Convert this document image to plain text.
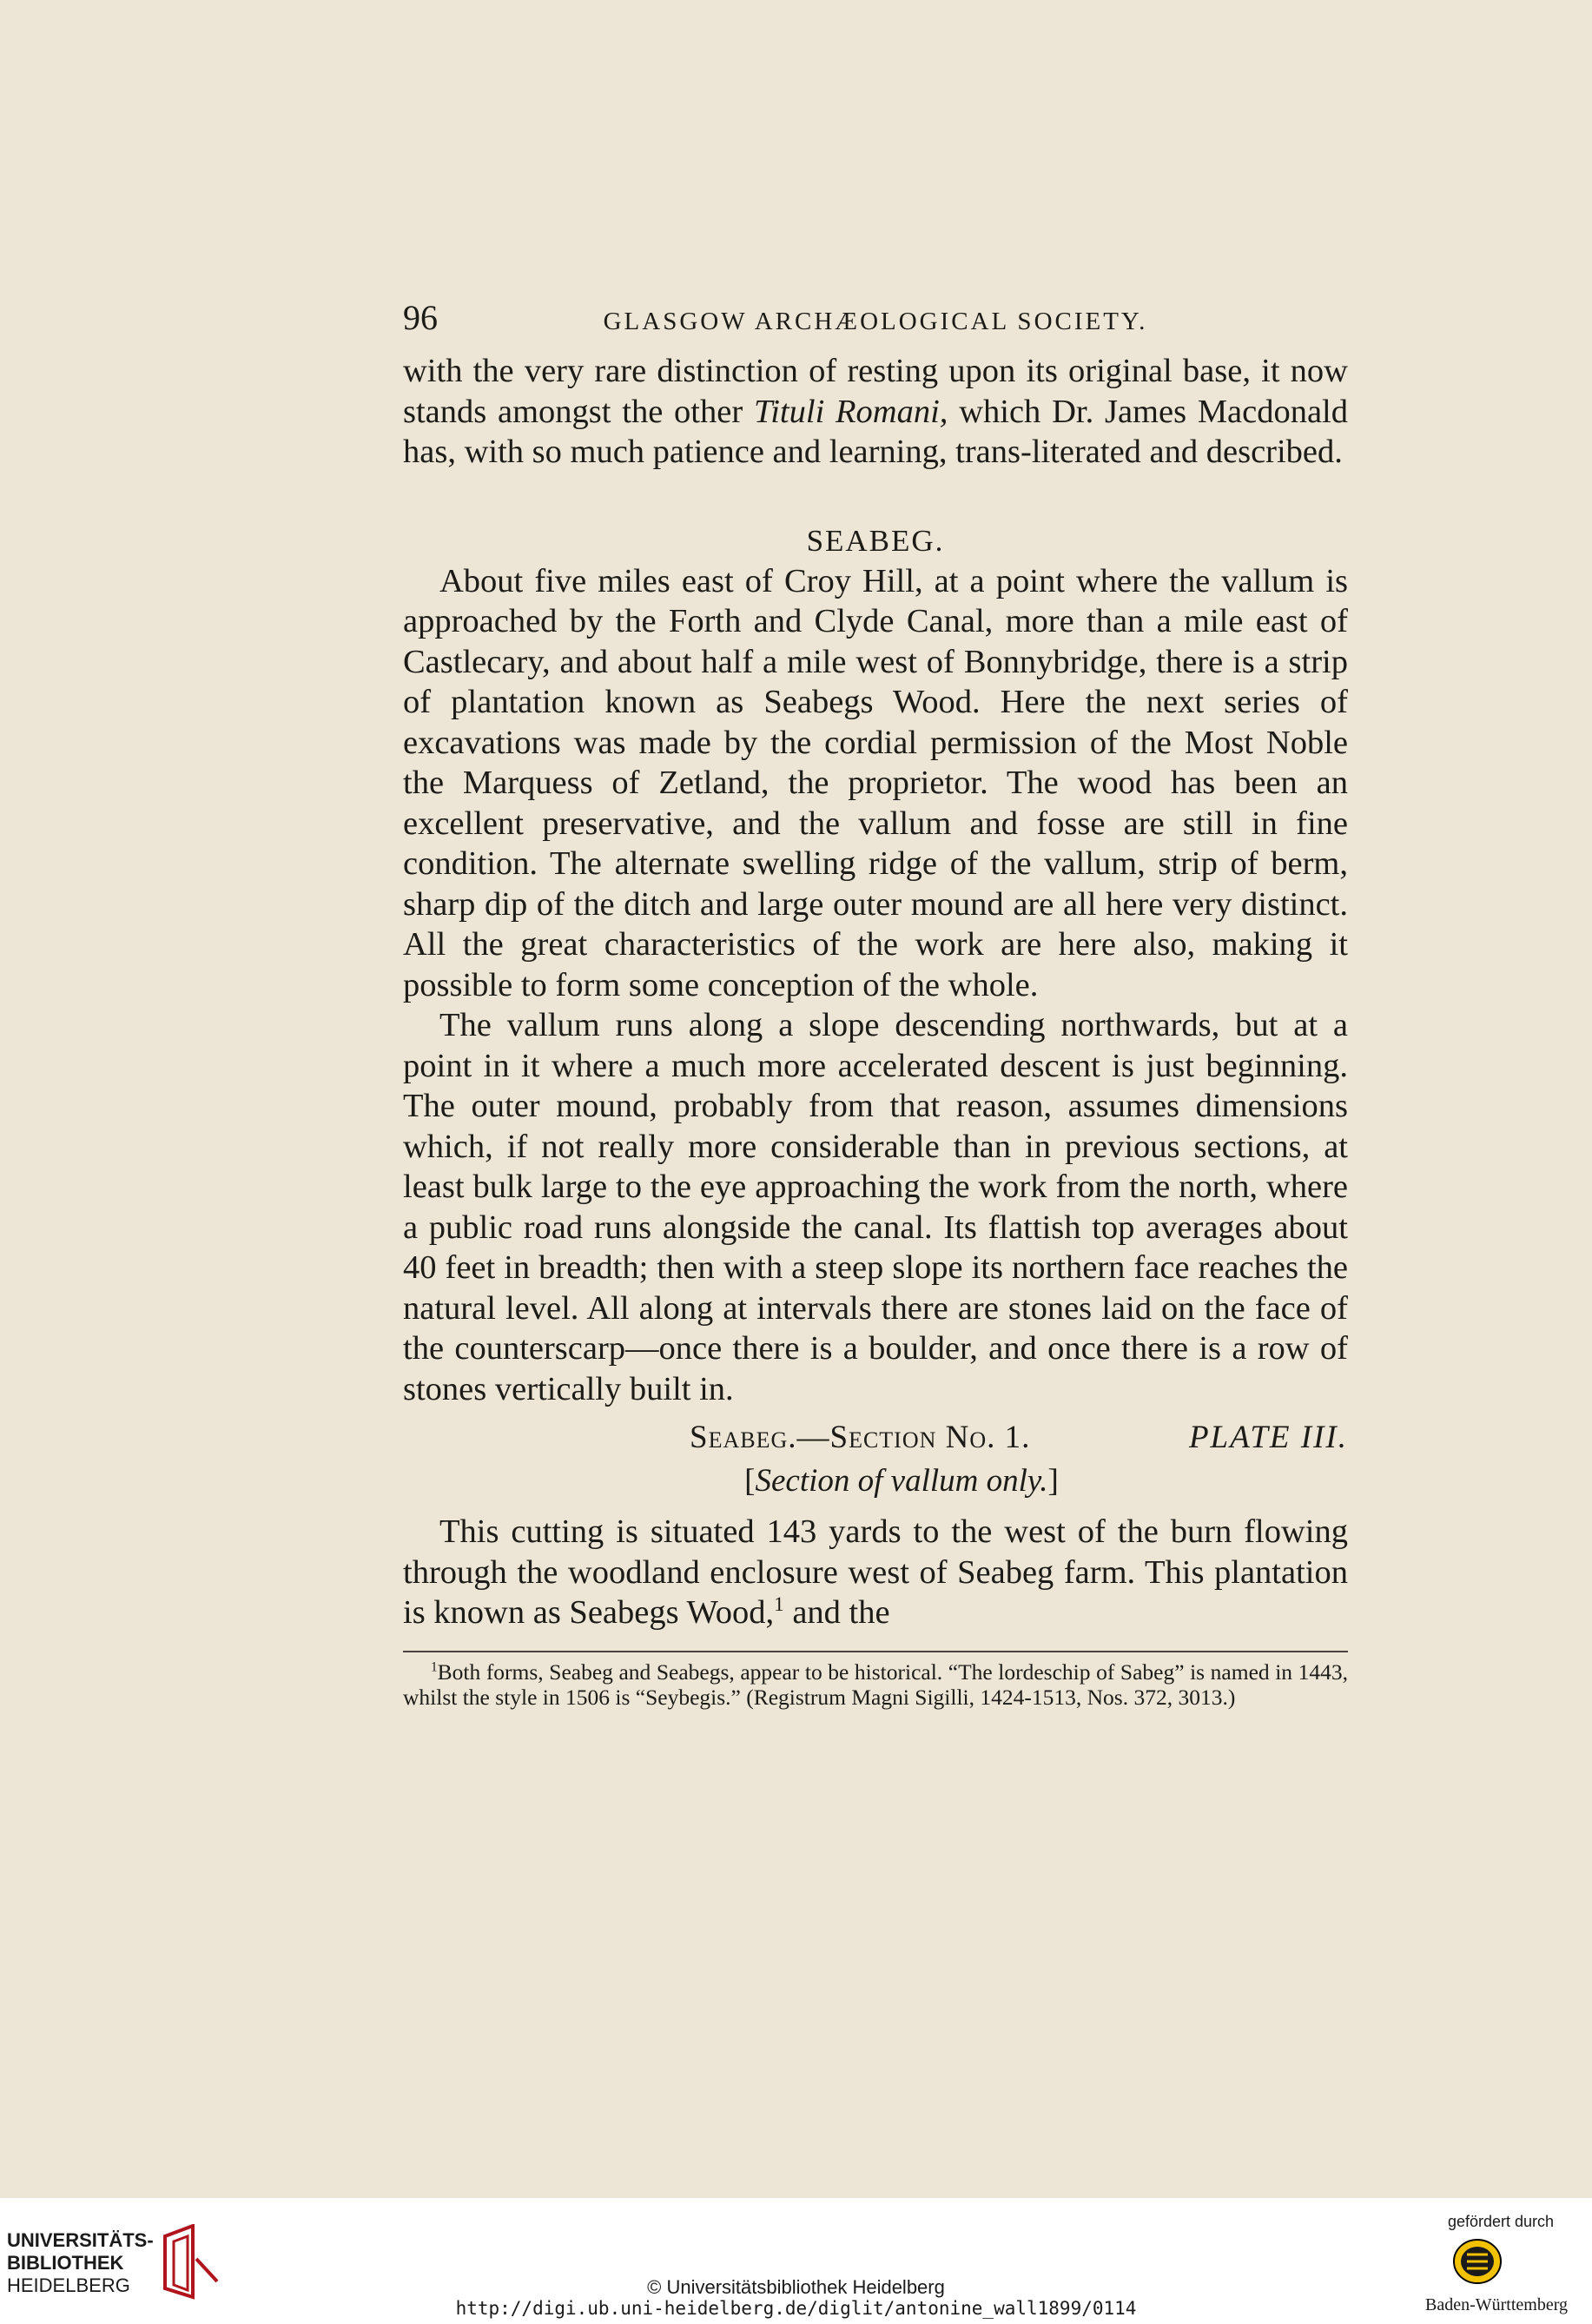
96	GLASGOW ARCHÆOLOGICAL SOCIETY.

with the very rare distinction of resting upon its original base, it now stands amongst the other Tituli Romani, which Dr. James Macdonald has, with so much patience and learning, trans-literated and described.

SEABEG.

About five miles east of Croy Hill, at a point where the vallum is approached by the Forth and Clyde Canal, more than a mile east of Castlecary, and about half a mile west of Bonnybridge, there is a strip of plantation known as Seabegs Wood. Here the next series of excavations was made by the cordial permission of the Most Noble the Marquess of Zetland, the proprietor. The wood has been an excellent preservative, and the vallum and fosse are still in fine condition. The alternate swelling ridge of the vallum, strip of berm, sharp dip of the ditch and large outer mound are all here very distinct. All the great characteristics of the work are here also, making it possible to form some conception of the whole.

The vallum runs along a slope descending northwards, but at a point in it where a much more accelerated descent is just beginning. The outer mound, probably from that reason, assumes dimensions which, if not really more considerable than in previous sections, at least bulk large to the eye approaching the work from the north, where a public road runs alongside the canal. Its flattish top averages about 40 feet in breadth; then with a steep slope its northern face reaches the natural level. All along at intervals there are stones laid on the face of the counterscarp—once there is a boulder, and once there is a row of stones vertically built in.

Seabeg.—Section No. 1.	PLATE III.
[Section of vallum only.]

This cutting is situated 143 yards to the west of the burn flowing through the woodland enclosure west of Seabeg farm. This plantation is known as Seabegs Wood,$^1$ and the

$^1$Both forms, Seabeg and Seabegs, appear to be historical. “The lordeschip of Sabeg” is named in 1443, whilst the style in 1506 is “Seybegis.” (Registrum Magni Sigilli, 1424-1513, Nos. 372, 3013.)

UNIVERSITÄTS-
BIBLIOTHEK
HEIDELBERG	© Universitätsbibliothek Heidelberg
http://digi.ub.uni-heidelberg.de/diglit/antonine_wall1899/0114
gefördert durch
Baden-Württemberg
